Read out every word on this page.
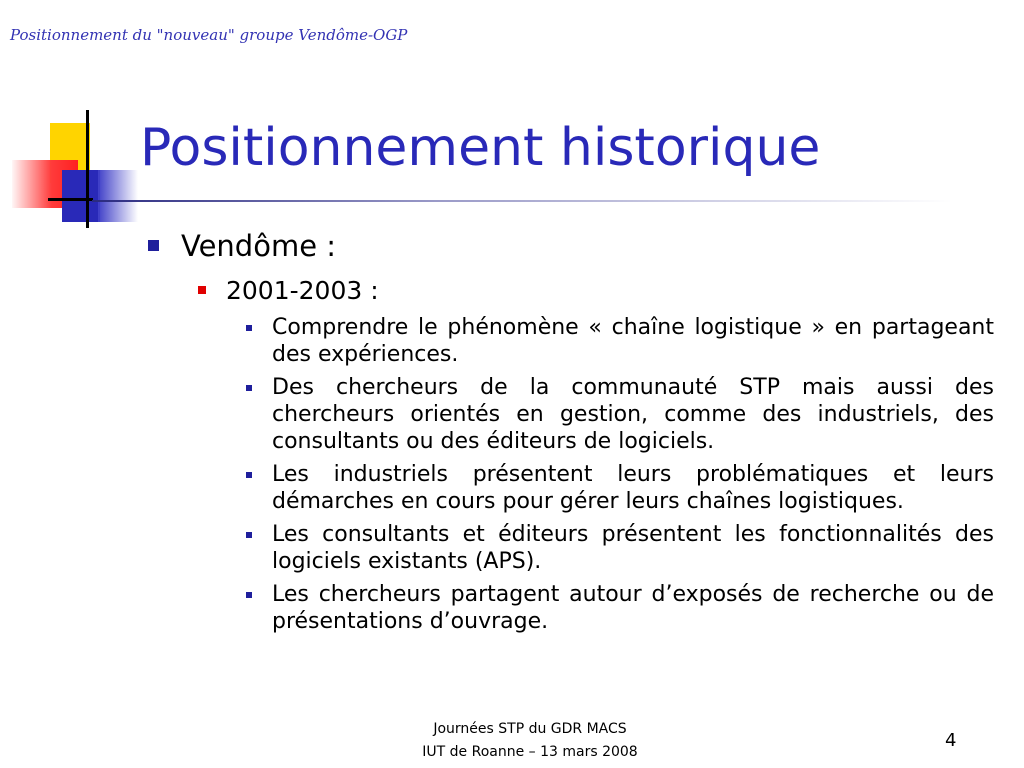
Positionnement du "nouveau" groupe Vendôme-OGP
Positionnement historique
Vendôme :
2001-2003 :
Comprendre le phénomène « chaîne logistique » en partageant des expériences.
Des chercheurs de la communauté STP mais aussi des chercheurs orientés en gestion, comme des industriels, des consultants ou des éditeurs de logiciels.
Les industriels présentent leurs problématiques et leurs démarches en cours pour gérer leurs chaînes logistiques.
Les consultants et éditeurs présentent les fonctionnalités des logiciels existants (APS).
Les chercheurs partagent autour d’exposés de recherche ou de présentations d’ouvrage.
Journées STP du GDR MACS
IUT de Roanne – 13 mars 2008
4
